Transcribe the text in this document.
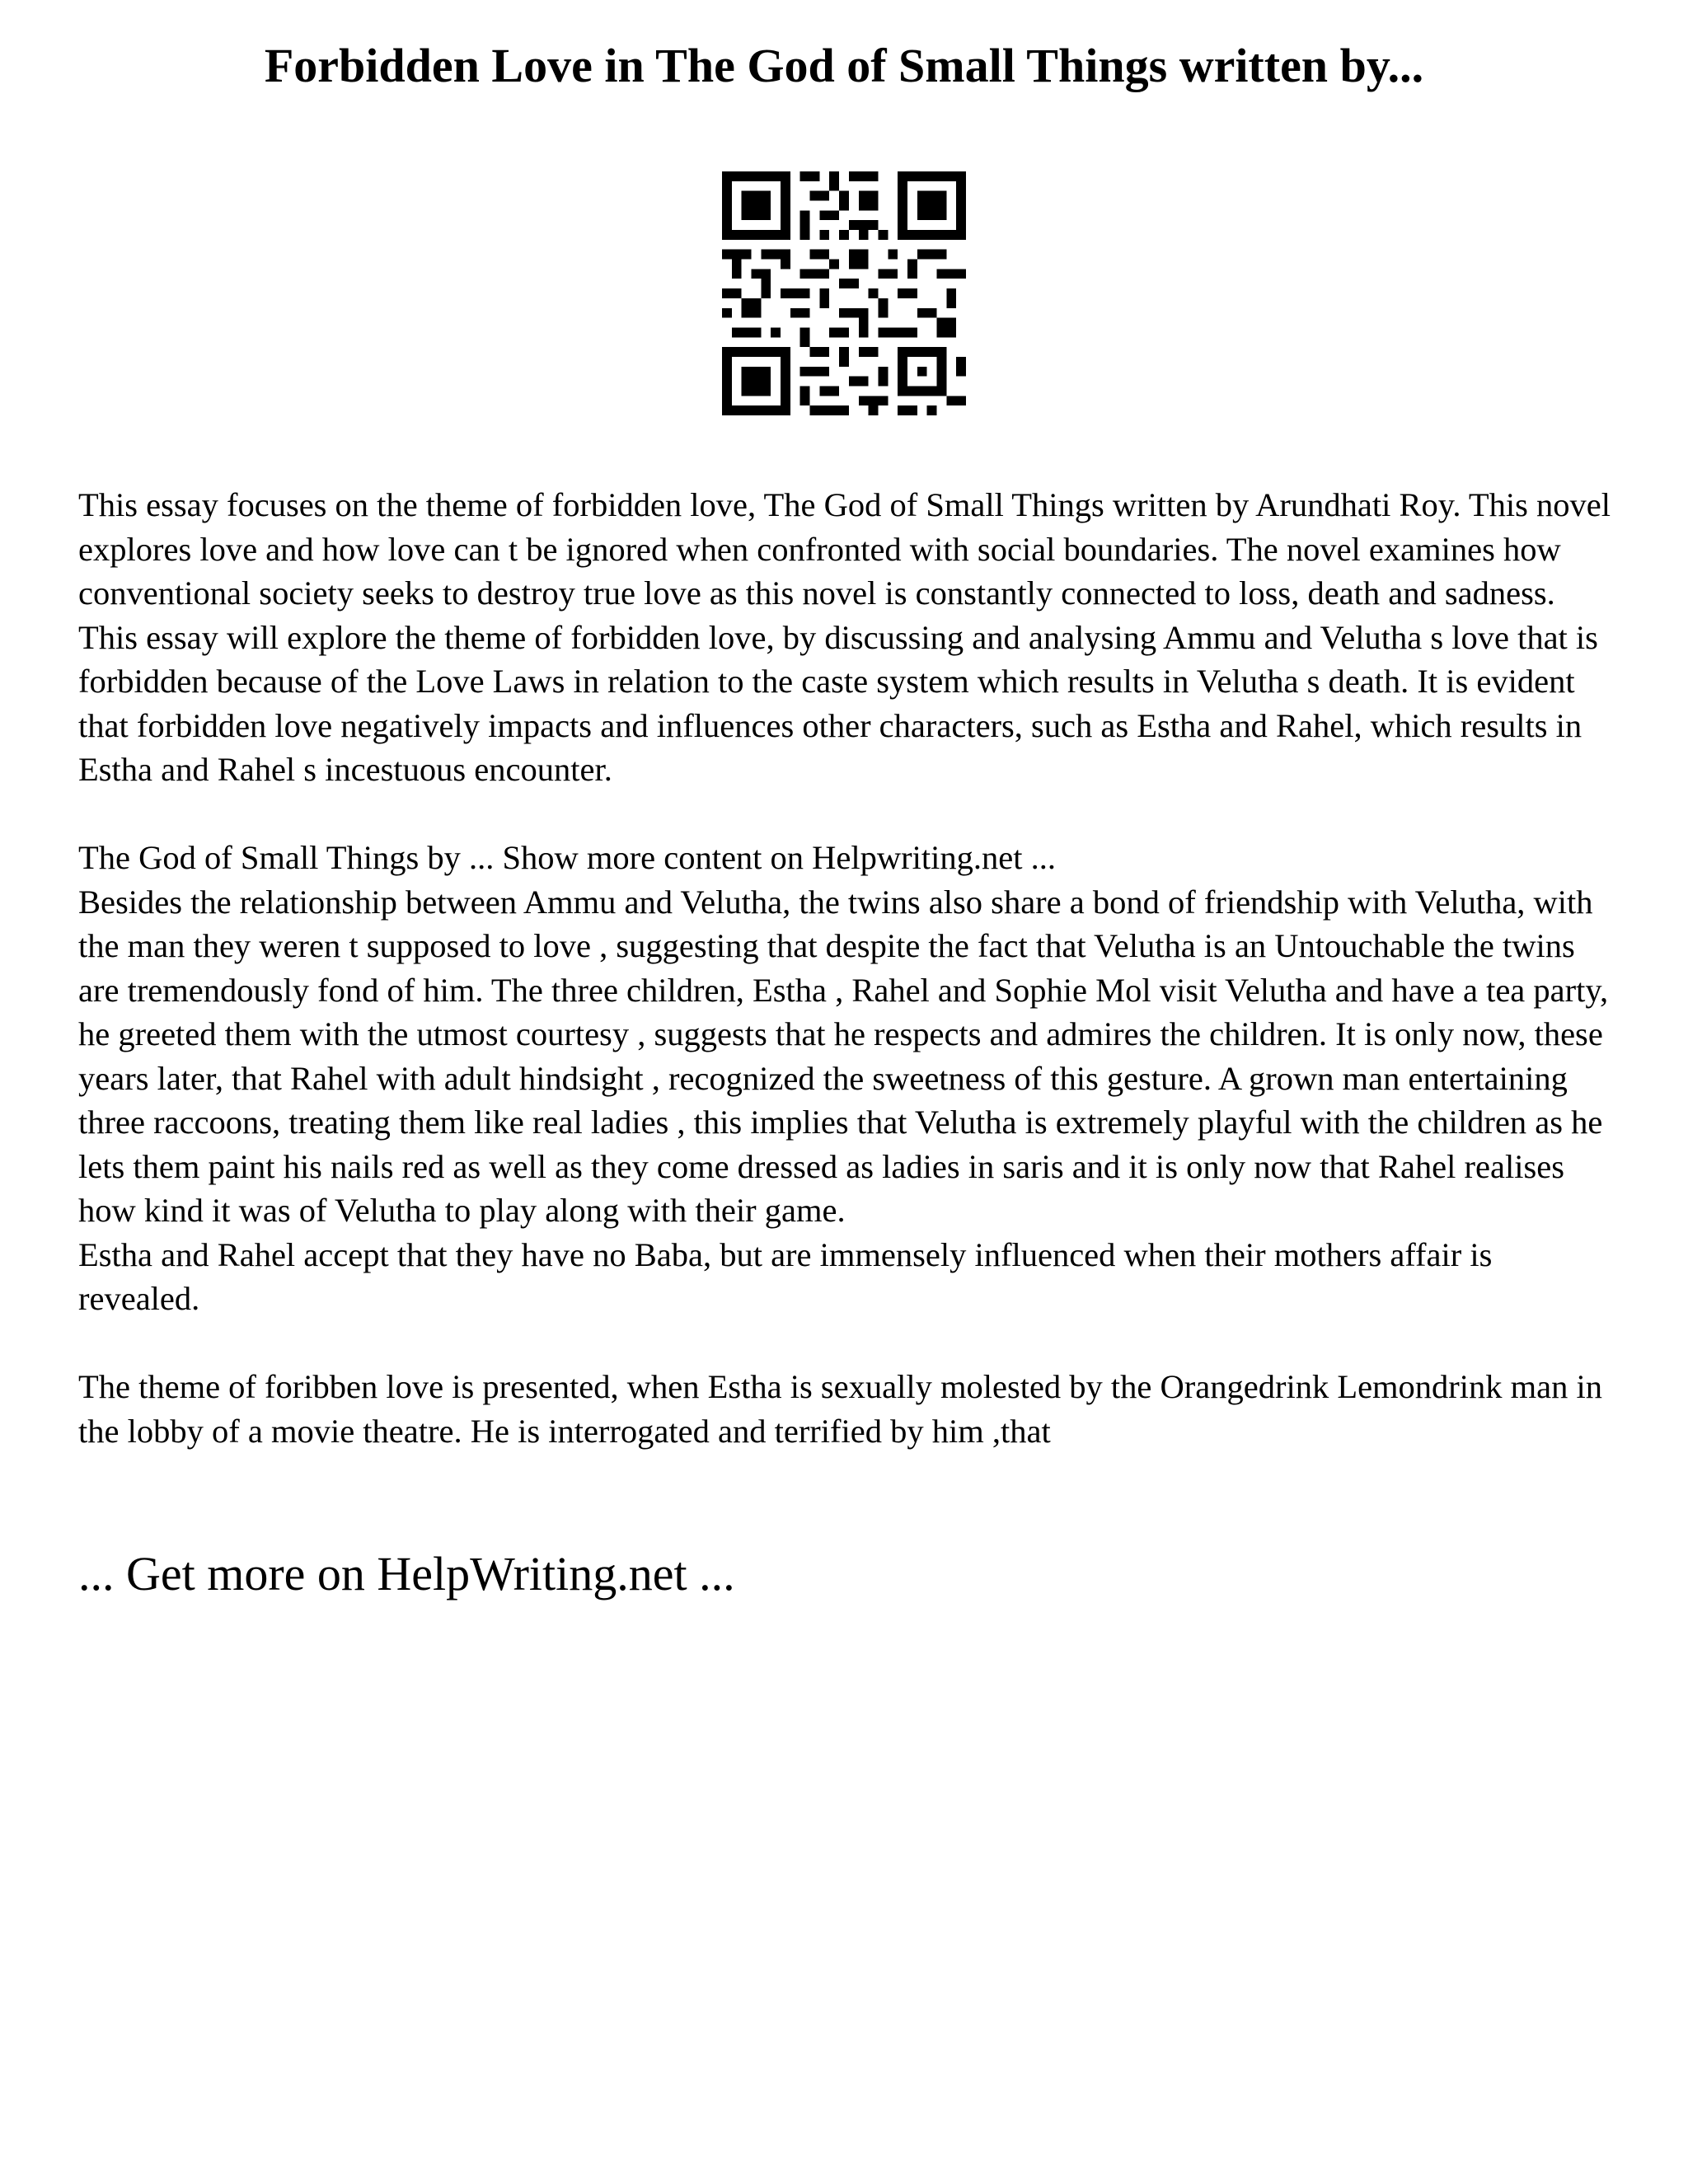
Forbidden Love in The God of Small Things written by...

This essay focuses on the theme of forbidden love, The God of Small Things written by Arundhati Roy. This novel explores love and how love can t be ignored when confronted with social boundaries. The novel examines how conventional society seeks to destroy true love as this novel is constantly connected to loss, death and sadness. This essay will explore the theme of forbidden love, by discussing and analysing Ammu and Velutha s love that is forbidden because of the Love Laws in relation to the caste system which results in Velutha s death. It is evident that forbidden love negatively impacts and influences other characters, such as Estha and Rahel, which results in Estha and Rahel s incestuous encounter.

The God of Small Things by ... Show more content on Helpwriting.net ...

Besides the relationship between Ammu and Velutha, the twins also share a bond of friendship with Velutha, with the man they weren t supposed to love , suggesting that despite the fact that Velutha is an Untouchable the twins are tremendously fond of him. The three children, Estha , Rahel and Sophie Mol visit Velutha and have a tea party, he greeted them with the utmost courtesy , suggests that he respects and admires the children. It is only now, these years later, that Rahel with adult hindsight , recognized the sweetness of this gesture. A grown man entertaining three raccoons, treating them like real ladies , this implies that Velutha is extremely playful with the children as he lets them paint his nails red as well as they come dressed as ladies in saris and it is only now that Rahel realises how kind it was of Velutha to play along with their game.

Estha and Rahel accept that they have no Baba, but are immensely influenced when their mothers affair is revealed.

The theme of foribben love is presented, when Estha is sexually molested by the Orangedrink Lemondrink man in the lobby of a movie theatre. He is interrogated and terrified by him ,that

... Get more on HelpWriting.net ...
